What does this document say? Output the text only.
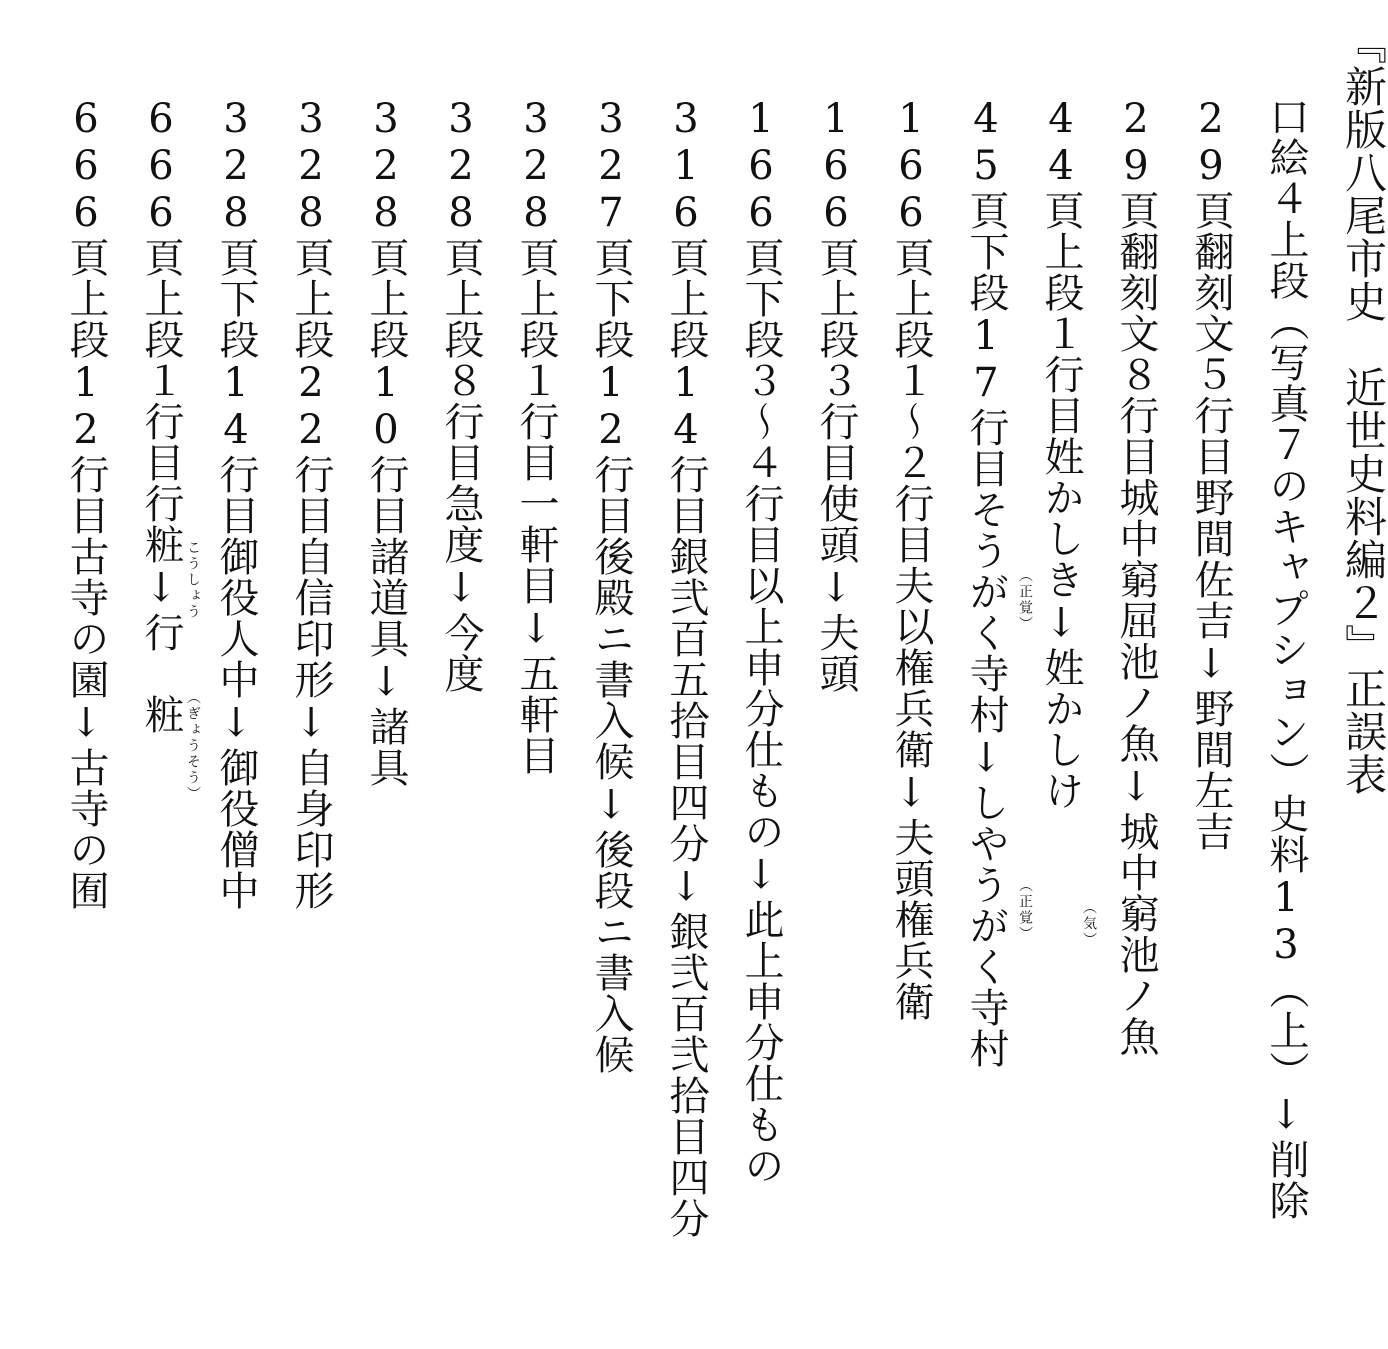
『新版八尾市史　近世史料編２』正誤表
口絵４上段（写真７のキャプション）史料13（上）↓削除
29頁翻刻文５行目野間佐吉↓野間左吉
29頁翻刻文８行目城中窮屈池ノ魚↓城中窮池ノ魚
44頁上段１行目姓かしき↓姓かしけ
45頁下段17行目そうがく寺村↓しやうがく寺村
166頁上段１～２行目夫以権兵衛↓夫頭権兵衛
166頁上段３行目使頭↓夫頭
166頁下段３～４行目以上申分仕もの↓此上申分仕もの
316頁上段14行目銀弐百五拾目四分↓銀弐百弐拾目四分
327頁下段12行目後殿ニ書入候↓後段ニ書入候
328頁上段１行目一軒目↓五軒目
328頁上段８行目急度↓今度
328頁上段10行目諸道具↓諸具
328頁上段22行目自信印形↓自身印形
328頁下段14行目御役人中↓御役僧中
666頁上段１行目行粧↓行　粧
666頁上段12行目古寺の園↓古寺の囿	（正覚）
（正覚）	（気）
こうしょう
（ぎょうそう）
